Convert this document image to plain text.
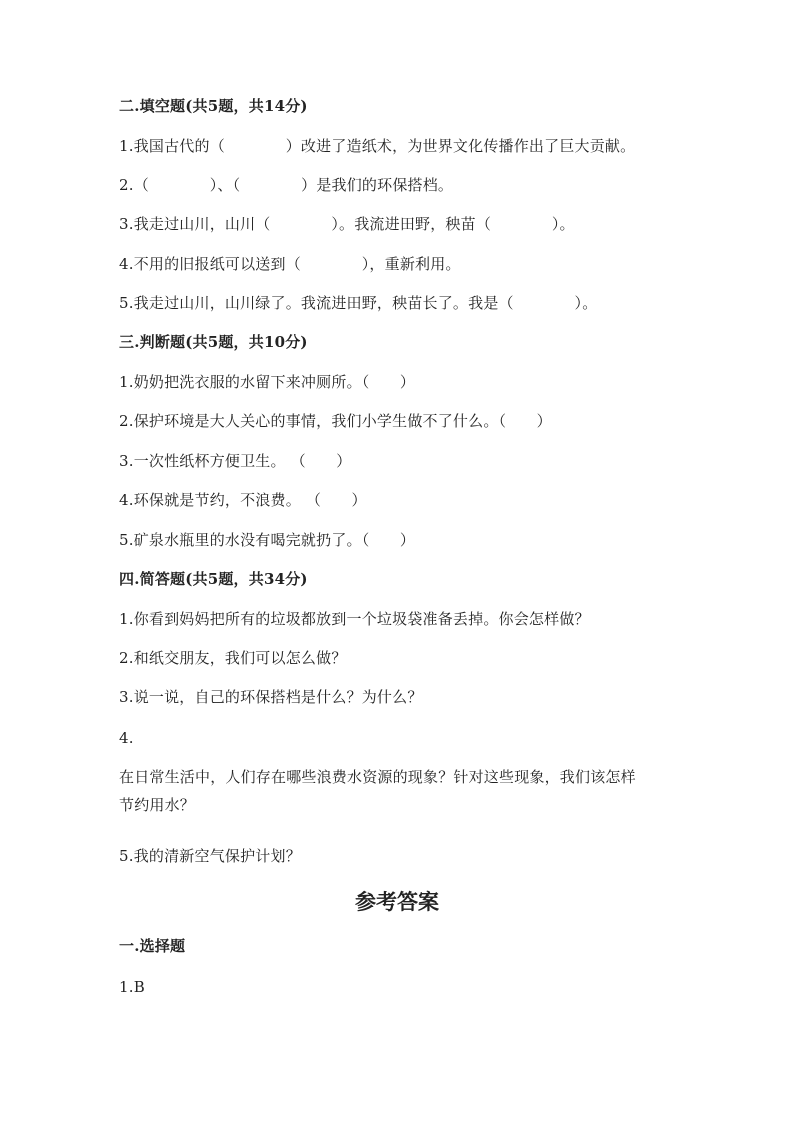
二.填空题(共5题，共14分)

1.我国古代的（　　　　）改进了造纸术，为世界文化传播作出了巨大贡献。

2.（　　　　）、（　　　　）是我们的环保搭档。

3.我走过山川，山川（　　　　）。我流进田野，秧苗（　　　　）。

4.不用的旧报纸可以送到（　　　　），重新利用。

5.我走过山川，山川绿了。我流进田野，秧苗长了。我是（　　　　）。

三.判断题(共5题，共10分)

1.奶奶把洗衣服的水留下来冲厕所。（　　）

2.保护环境是大人关心的事情，我们小学生做不了什么。（　　）

3.一次性纸杯方便卫生。 （　　）

4.环保就是节约，不浪费。 （　　）

5.矿泉水瓶里的水没有喝完就扔了。（　　）

四.简答题(共5题，共34分)

1.你看到妈妈把所有的垃圾都放到一个垃圾袋准备丢掉。你会怎样做？

2.和纸交朋友，我们可以怎么做？

3.说一说，自己的环保搭档是什么？为什么？

4.

在日常生活中，人们存在哪些浪费水资源的现象？针对这些现象，我们该怎样

节约用水？

5.我的清新空气保护计划？

参考答案

一.选择题

1.B
